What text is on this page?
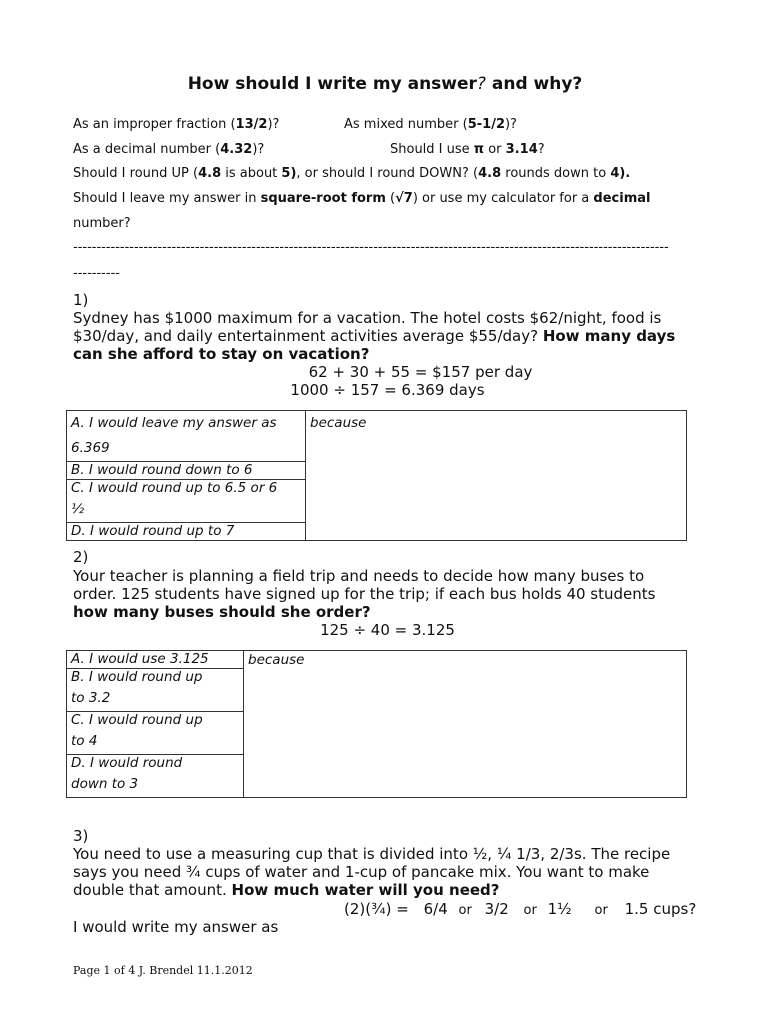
How should I write my answer? and why?
As an improper fraction (13/2)?	As mixed number (5-1/2)?
As a decimal number (4.32)?	Should I use π or 3.14?
Should I round UP (4.8 is about 5), or should I round DOWN? (4.8 rounds down to 4).
Should I leave my answer in square-root form (√7) or use my calculator for a decimal
number?
-------------------------------------------------------------------------------------------------------------------------------
----------
1)
Sydney has $1000 maximum for a vacation. The hotel costs $62/night, food is
$30/day, and daily entertainment activities average $55/day? How many days
can she afford to stay on vacation?
62 + 30 + 55 = $157 per day
1000 ÷ 157 = 6.369 days
A. I would leave my answer as
6.369	because
B. I would round down to 6

C. I would round up to 6.5 or 6
½
D. I would round up to 7
2)
Your teacher is planning a field trip and needs to decide how many buses to
order. 125 students have signed up for the trip; if each bus holds 40 students
how many buses should she order?
125 ÷ 40 = 3.125
A. I would use 3.125	because

B. I would round up
to 3.2

C. I would round up
to 4

D. I would round
down to 3
3)
You need to use a measuring cup that is divided into ½, ¼ 1/3, 2/3s. The recipe
says you need ¾ cups of water and 1-cup of pancake mix. You want to make
double that amount. How much water will you need?
(2)(¾) = 6/4 or 3/2 or 1½ or 1.5 cups?
I would write my answer as
Page 1 of 4 J. Brendel 11.1.2012
